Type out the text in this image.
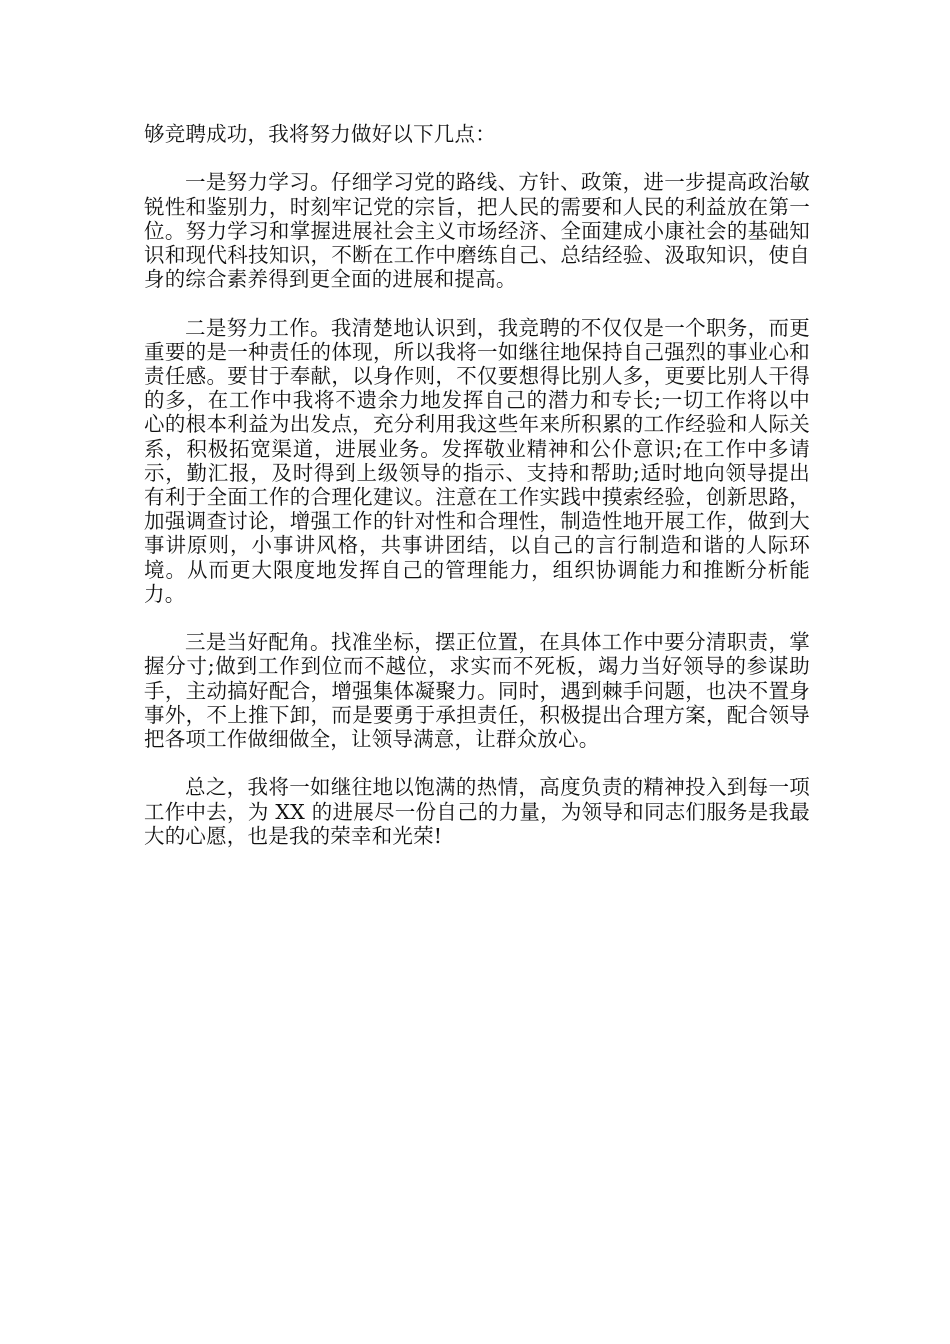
够竞聘成功，我将努力做好以下几点：

一是努力学习。仔细学习党的路线、方针、政策，进一步提高政治敏锐性和鉴别力，时刻牢记党的宗旨，把人民的需要和人民的利益放在第一位。努力学习和掌握进展社会主义市场经济、全面建成小康社会的基础知识和现代科技知识，不断在工作中磨练自己、总结经验、汲取知识，使自身的综合素养得到更全面的进展和提高。

二是努力工作。我清楚地认识到，我竞聘的不仅仅是一个职务，而更重要的是一种责任的体现，所以我将一如继往地保持自己强烈的事业心和责任感。要甘于奉献，以身作则，不仅要想得比别人多，更要比别人干得的多，在工作中我将不遗余力地发挥自己的潜力和专长;一切工作将以中心的根本利益为出发点，充分利用我这些年来所积累的工作经验和人际关系，积极拓宽渠道，进展业务。发挥敬业精神和公仆意识;在工作中多请示，勤汇报，及时得到上级领导的指示、支持和帮助;适时地向领导提出有利于全面工作的合理化建议。注意在工作实践中摸索经验，创新思路，加强调查讨论，增强工作的针对性和合理性，制造性地开展工作，做到大事讲原则，小事讲风格，共事讲团结，以自己的言行制造和谐的人际环境。从而更大限度地发挥自己的管理能力，组织协调能力和推断分析能力。

三是当好配角。找准坐标，摆正位置，在具体工作中要分清职责，掌握分寸;做到工作到位而不越位，求实而不死板，竭力当好领导的参谋助手，主动搞好配合，增强集体凝聚力。同时，遇到棘手问题，也决不置身事外，不上推下卸，而是要勇于承担责任，积极提出合理方案，配合领导把各项工作做细做全，让领导满意，让群众放心。

总之，我将一如继往地以饱满的热情，高度负责的精神投入到每一项工作中去，为 XX 的进展尽一份自己的力量，为领导和同志们服务是我最大的心愿，也是我的荣幸和光荣!
